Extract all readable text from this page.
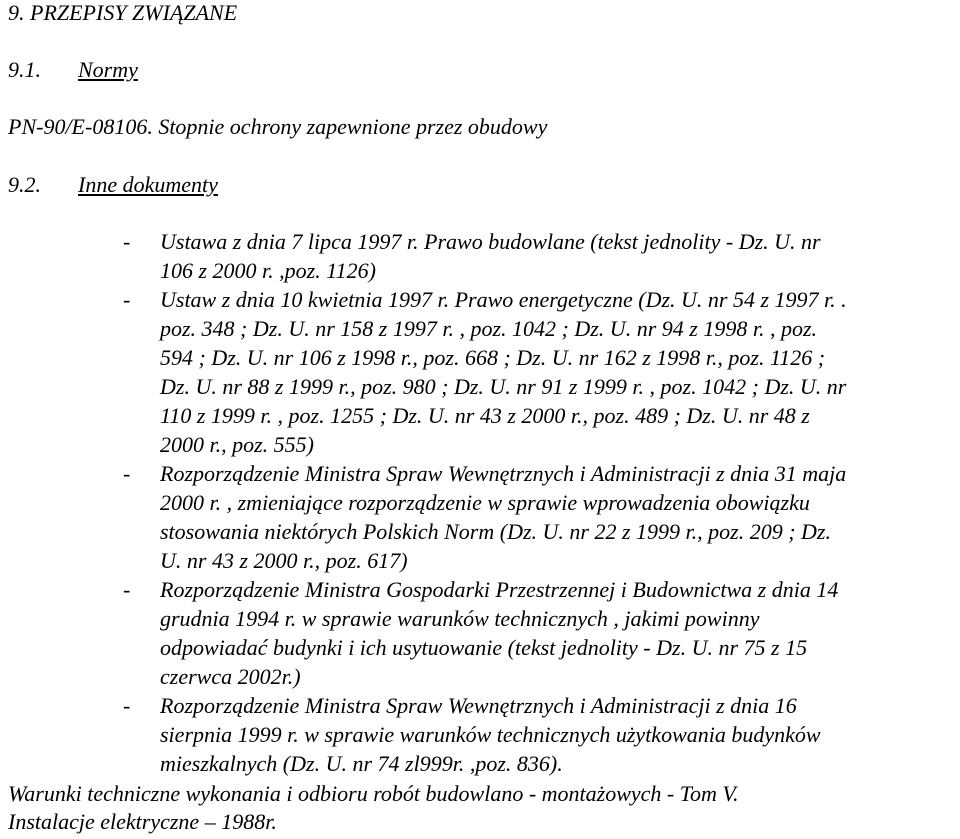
9. PRZEPISY ZWIĄZANE
9.1. Normy
PN-90/E-08106. Stopnie ochrony zapewnione przez obudowy
9.2. Inne dokumenty
- Ustawa z dnia 7 lipca 1997 r. Prawo budowlane (tekst jednolity - Dz. U. nr
106 z 2000 r. ,poz. 1126)
- Ustaw z dnia 10 kwietnia 1997 r. Prawo energetyczne (Dz. U. nr 54 z 1997 r. .
poz. 348 ; Dz. U. nr 158 z 1997 r. , poz. 1042 ; Dz. U. nr 94 z 1998 r. , poz.
594 ; Dz. U. nr 106 z 1998 r., poz. 668 ; Dz. U. nr 162 z 1998 r., poz. 1126 ;
Dz. U. nr 88 z 1999 r., poz. 980 ; Dz. U. nr 91 z 1999 r. , poz. 1042 ; Dz. U. nr
110 z 1999 r. , poz. 1255 ; Dz. U. nr 43 z 2000 r., poz. 489 ; Dz. U. nr 48 z
2000 r., poz. 555)
- Rozporządzenie Ministra Spraw Wewnętrznych i Administracji z dnia 31 maja
2000 r. , zmieniające rozporządzenie w sprawie wprowadzenia obowiązku
stosowania niektórych Polskich Norm (Dz. U. nr 22 z 1999 r., poz. 209 ; Dz.
U. nr 43 z 2000 r., poz. 617)
- Rozporządzenie Ministra Gospodarki Przestrzennej i Budownictwa z dnia 14
grudnia 1994 r. w sprawie warunków technicznych , jakimi powinny
odpowiadać budynki i ich usytuowanie (tekst jednolity - Dz. U. nr 75 z 15
czerwca 2002r.)
- Rozporządzenie Ministra Spraw Wewnętrznych i Administracji z dnia 16
sierpnia 1999 r. w sprawie warunków technicznych użytkowania budynków
mieszkalnych (Dz. U. nr 74 zl999r. ,poz. 836).
Warunki techniczne wykonania i odbioru robót budowlano - montażowych - Tom V.
Instalacje elektryczne – 1988r.
